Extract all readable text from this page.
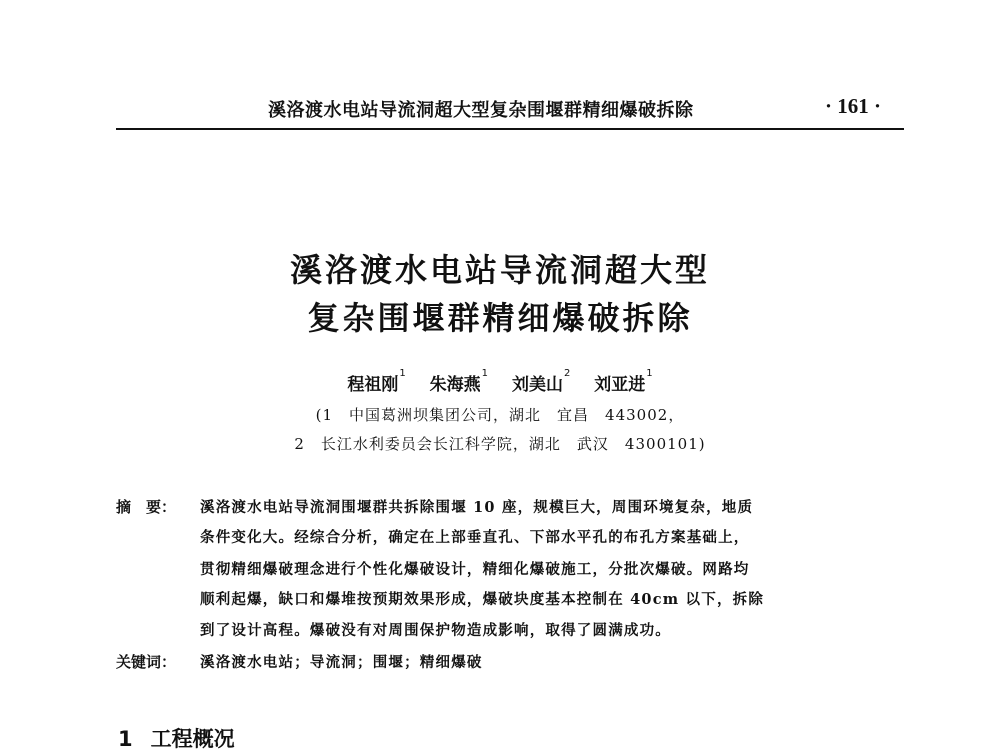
溪洛渡水电站导流洞超大型复杂围堰群精细爆破拆除	· 161 ·
溪洛渡水电站导流洞超大型
复杂围堰群精细爆破拆除
程祖刚$^1$ 朱海燕$^1$ 刘美山$^2$ 刘亚进$^1$
(1　中国葛洲坝集团公司，湖北　宜昌　443002，
2　长江水利委员会长江科学院，湖北　武汉　4300101)
摘　要：	溪洛渡水电站导流洞围堰群共拆除围堰 10 座，规模巨大，周围环境复杂，地质
条件变化大。经综合分析，确定在上部垂直孔、下部水平孔的布孔方案基础上，
贯彻精细爆破理念进行个性化爆破设计，精细化爆破施工，分批次爆破。网路均
顺利起爆，缺口和爆堆按预期效果形成，爆破块度基本控制在 40cm 以下，拆除
到了设计高程。爆破没有对周围保护物造成影响，取得了圆满成功。
关键词：	溪洛渡水电站；导流洞；围堰；精细爆破
1 工程概况
